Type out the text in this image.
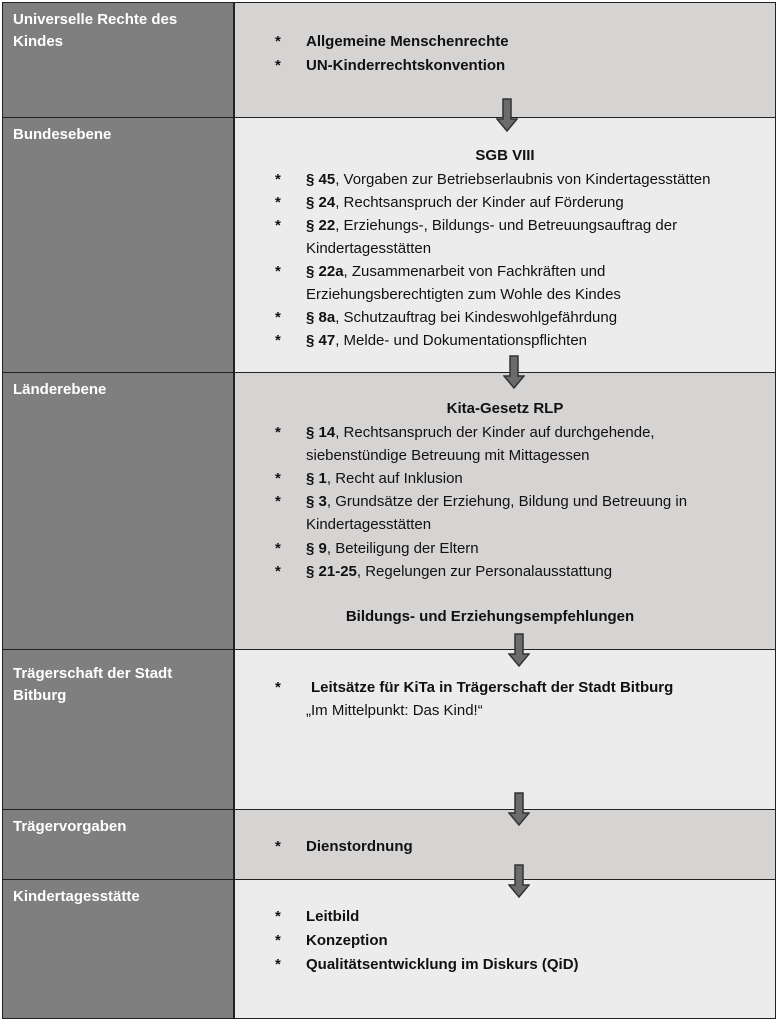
Universelle Rechte des Kindes	* Allgemeine Menschenrechte
* UN-Kinderrechtskonvention
Bundesebene
SGB VIII
* § 45, Vorgaben zur Betriebserlaubnis von Kindertagesstätten
* § 24, Rechtsanspruch der Kinder auf Förderung
* § 22, Erziehungs-, Bildungs- und Betreuungsauftrag der Kindertagesstätten
* § 22a, Zusammenarbeit von Fachkräften und Erziehungsberechtigten zum Wohle des Kindes
* § 8a, Schutzauftrag bei Kindeswohlgefährdung
* § 47, Melde- und Dokumentationspflichten
Länderebene
Kita-Gesetz RLP
* § 14, Rechtsanspruch der Kinder auf durchgehende, siebenstündige Betreuung mit Mittagessen
* § 1, Recht auf Inklusion
* § 3, Grundsätze der Erziehung, Bildung und Betreuung in Kindertagesstätten
* § 9, Beteiligung der Eltern
* § 21-25, Regelungen zur Personalausstattung
Bildungs- und Erziehungsempfehlungen
Trägerschaft der Stadt Bitburg	* Leitsätze für KiTa in Trägerschaft der Stadt Bitburg
„Im Mittelpunkt: Das Kind!“
Trägervorgaben
* Dienstordnung
Kindertagesstätte
* Leitbild
* Konzeption
* Qualitätsentwicklung im Diskurs (QiD)
